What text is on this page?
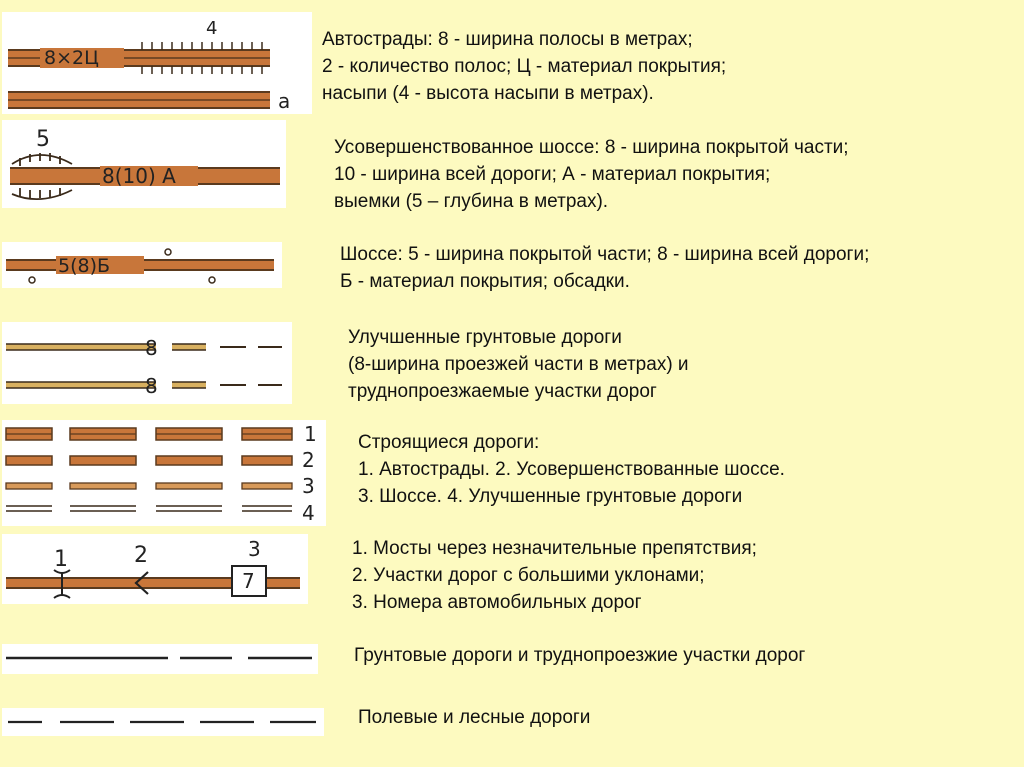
8×2Ц
4
а

Автострады: 8 - ширина полосы в метрах;
2 - количество полос; Ц - материал покрытия;
насыпи (4 - высота насыпи в метрах).

5
8(10) А

Усовершенствованное шоссе: 8 - ширина покрытой части;
10 - ширина всей дороги; А - материал покрытия;
выемки (5 – глубина в метрах).

5(8)Б

Шоссе: 5 - ширина покрытой части; 8 - ширина всей дороги;
Б - материал покрытия; обсадки.

8
8

Улучшенные грунтовые дороги
(8-ширина проезжей части в метрах) и
труднопроезжаемые участки дорог

1
2
3
4

Строящиеся дороги:
1. Автострады. 2. Усовершенствованные шоссе.
3. Шоссе. 4. Улучшенные грунтовые дороги

1	2	3
7

1. Мосты через незначительные препятствия;
2. Участки дорог с большими уклонами;
3. Номера автомобильных дорог

Грунтовые дороги и труднопроезжие участки дорог

Полевые и лесные дороги
